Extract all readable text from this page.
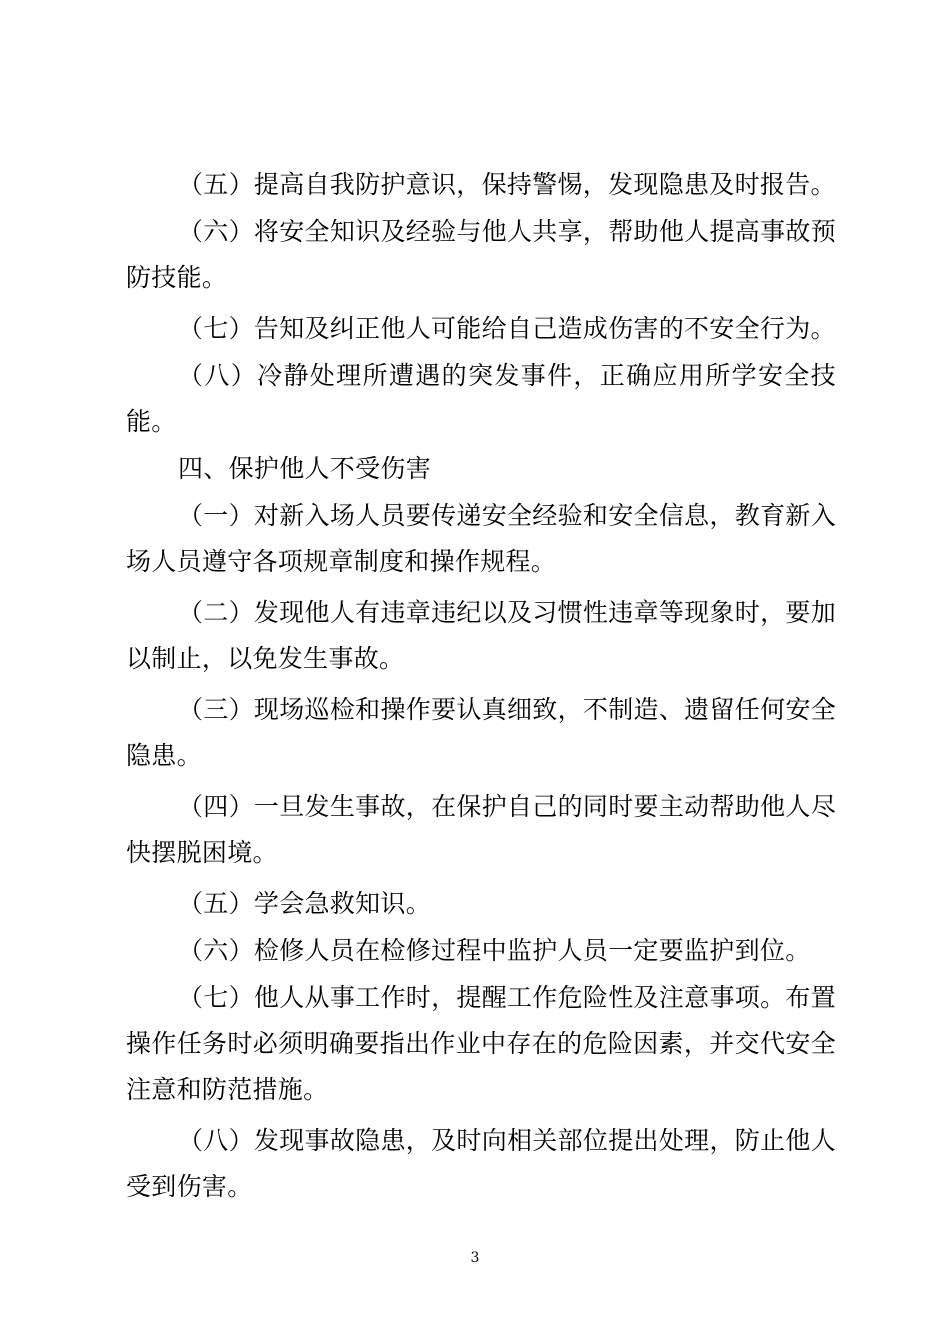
（五）提高自我防护意识，保持警惕，发现隐患及时报告。

（六）将安全知识及经验与他人共享，帮助他人提高事故预防技能。

（七）告知及纠正他人可能给自己造成伤害的不安全行为。

（八）冷静处理所遭遇的突发事件，正确应用所学安全技能。

四、保护他人不受伤害

（一）对新入场人员要传递安全经验和安全信息，教育新入场人员遵守各项规章制度和操作规程。

（二）发现他人有违章违纪以及习惯性违章等现象时，要加以制止，以免发生事故。

（三）现场巡检和操作要认真细致，不制造、遗留任何安全隐患。

（四）一旦发生事故，在保护自己的同时要主动帮助他人尽快摆脱困境。

（五）学会急救知识。

（六）检修人员在检修过程中监护人员一定要监护到位。

（七）他人从事工作时，提醒工作危险性及注意事项。布置操作任务时必须明确要指出作业中存在的危险因素，并交代安全注意和防范措施。

（八）发现事故隐患，及时向相关部位提出处理，防止他人受到伤害。

3
